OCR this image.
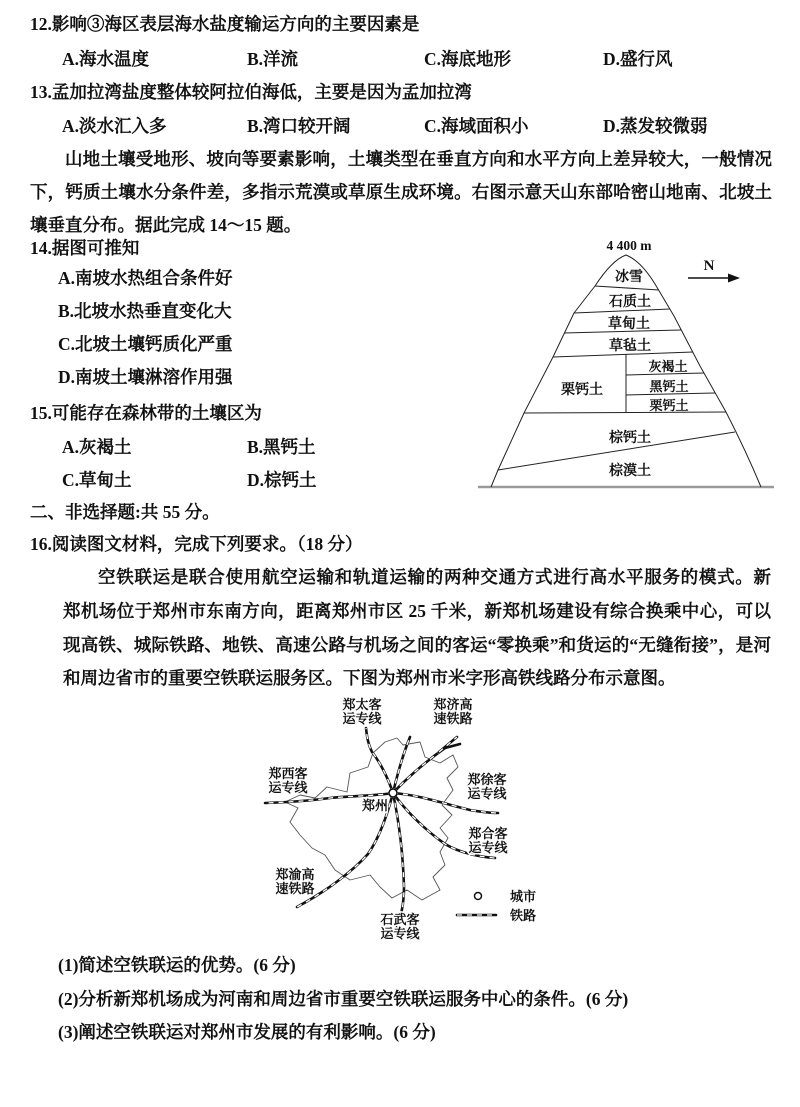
12.影响③海区表层海水盐度输运方向的主要因素是
A.海水温度	B.洋流	C.海底地形	D.盛行风
13.孟加拉湾盐度整体较阿拉伯海低，主要是因为孟加拉湾
A.淡水汇入多	B.湾口较开阔	C.海域面积小	D.蒸发较微弱
山地土壤受地形、坡向等要素影响，土壤类型在垂直方向和水平方向上差异较大，一般情况
下，钙质土壤水分条件差，多指示荒漠或草原生成环境。右图示意天山东部哈密山地南、北坡土
壤垂直分布。据此完成 14～15 题。
14.据图可推知
A.南坡水热组合条件好
B.北坡水热垂直变化大
C.北坡土壤钙质化严重
D.南坡土壤淋溶作用强
15.可能存在森林带的土壤区为
A.灰褐土	B.黑钙土
C.草甸土	D.棕钙土
N
4 400 m
冰雪
石质土
草甸土
草毡土
灰褐土
栗钙土	黑钙土
栗钙土
棕钙土
棕漠土
二、非选择题:共 55 分。
16.阅读图文材料，完成下列要求。（18 分）
空铁联运是联合使用航空运输和轨道运输的两种交通方式进行高水平服务的模式。新
郑机场位于郑州市东南方向，距离郑州市区 25 千米，新郑机场建设有综合换乘中心，可以
现高铁、城际铁路、地铁、高速公路与机场之间的客运“零换乘”和货运的“无缝衔接”，是河
和周边省市的重要空铁联运服务区。下图为郑州市米字形高铁线路分布示意图。
郑太客
运专线
郑济高
速铁路
郑西客
运专线
郑徐客
运专线
郑州
郑合客
运专线
郑渝高
速铁路
石武客
运专线
城市
铁路
(1)简述空铁联运的优势。(6 分)
(2)分析新郑机场成为河南和周边省市重要空铁联运服务中心的条件。(6 分)
(3)阐述空铁联运对郑州市发展的有利影响。(6 分)
